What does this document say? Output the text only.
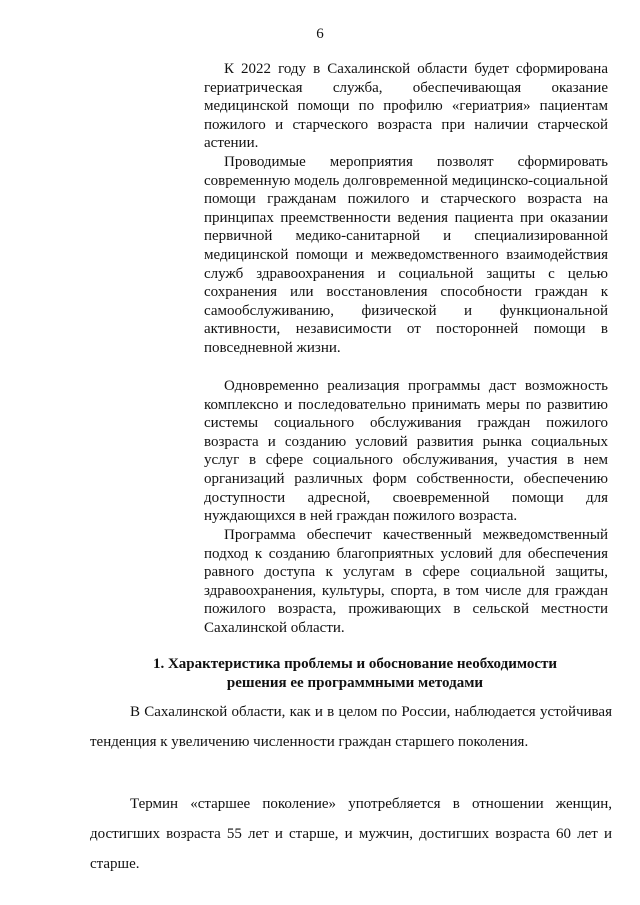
6

К 2022 году в Сахалинской области будет сформирована гериатрическая служба, обеспечивающая оказание медицинской помощи по профилю «гериатрия» пациентам пожилого и старческого возраста при наличии старческой астении.

Проводимые мероприятия позволят сформировать современную модель долговременной медицинско-социальной помощи гражданам пожилого и старческого возраста на принципах преемственности ведения пациента при оказании первичной медико-санитарной и специализированной медицинской помощи и межведомственного взаимодействия служб здравоохранения и социальной защиты с целью сохранения или восстановления способности граждан к самообслуживанию, физической и функциональной активности, независимости от посторонней помощи в повседневной жизни.

Одновременно реализация программы даст возможность комплексно и последовательно принимать меры по развитию системы социального обслуживания граждан пожилого возраста и созданию условий развития рынка социальных услуг в сфере социального обслуживания, участия в нем организаций различных форм собственности, обеспечению доступности адресной, своевременной помощи для нуждающихся в ней граждан пожилого возраста.

Программа обеспечит качественный межведомственный подход к созданию благоприятных условий для обеспечения равного доступа к услугам в сфере социальной защиты, здравоохранения, культуры, спорта, в том числе для граждан пожилого возраста, проживающих в сельской местности Сахалинской области.

1. Характеристика проблемы и обоснование необходимости
решения ее программными методами

В Сахалинской области, как и в целом по России, наблюдается устойчивая тенденция к увеличению численности граждан старшего поколения.

Термин «старшее поколение» употребляется в отношении женщин, достигших возраста 55 лет и старше, и мужчин, достигших возраста 60 лет и старше.
